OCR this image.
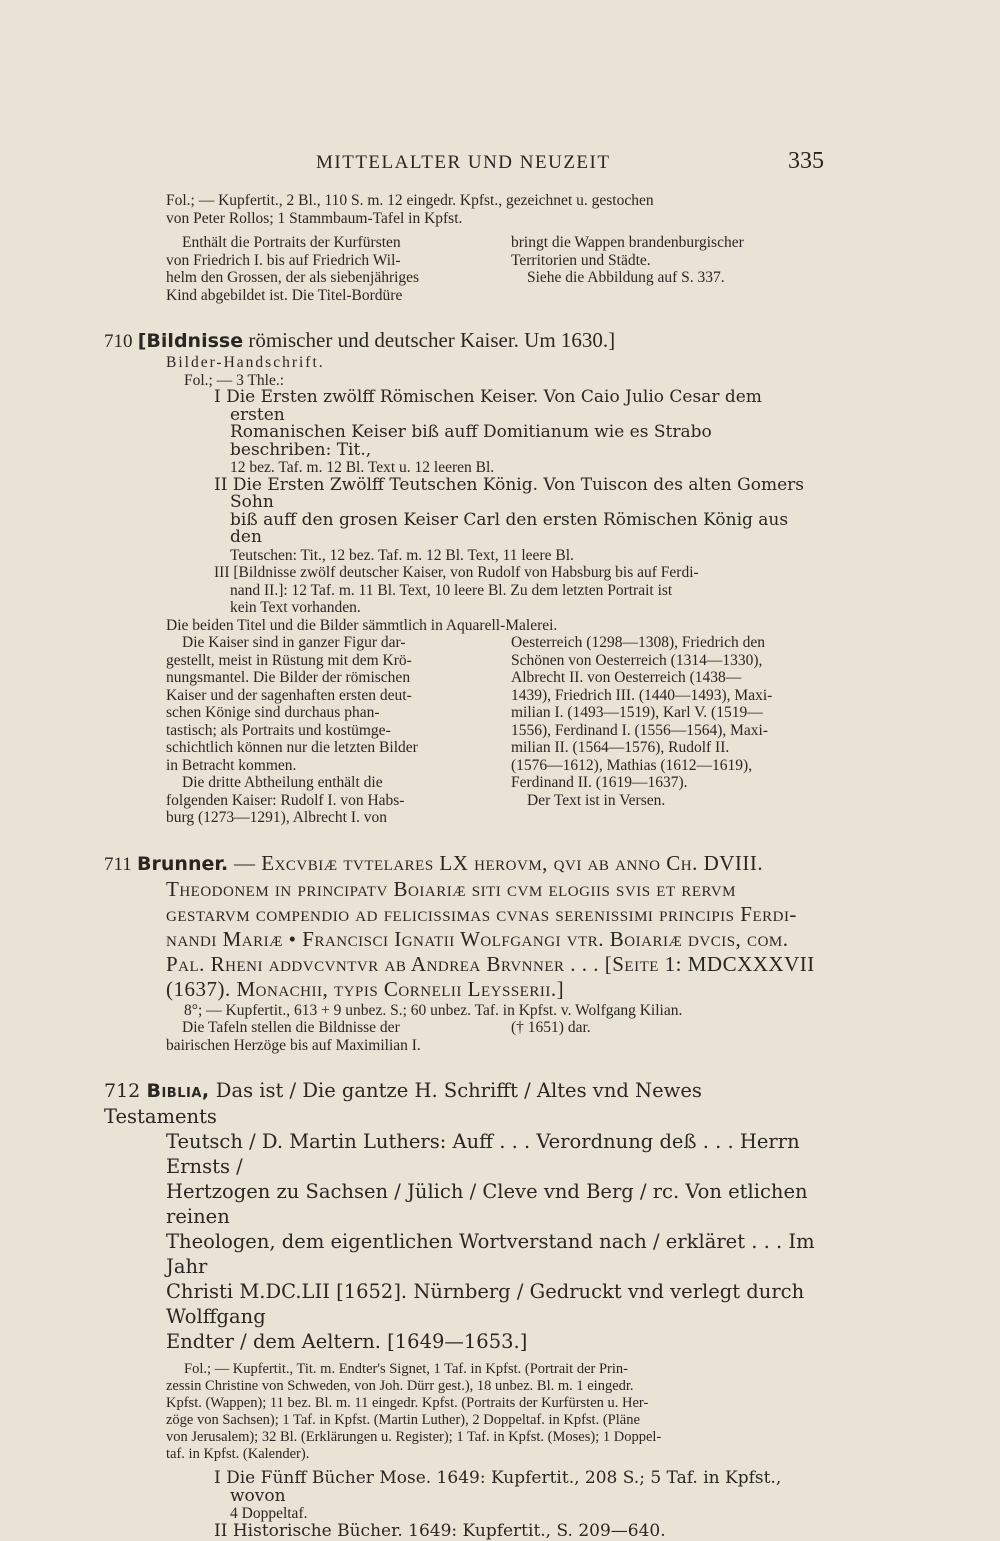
MITTELALTER UND NEUZEIT	335

Fol.; — Kupfertit., 2 Bl., 110 S. m. 12 eingedr. Kpfst., gezeichnet u. gestochen

von Peter Rollos; 1 Stammbaum-Tafel in Kpfst.

Enthält die Portraits der Kurfürsten

von Friedrich I. bis auf Friedrich Wil-

helm den Grossen, der als siebenjähriges

Kind abgebildet ist. Die Titel-Bordüre

bringt die Wappen brandenburgischer

Territorien und Städte.

Siehe die Abbildung auf S. 337.

710 [Bildnisse römischer und deutscher Kaiser. Um 1630.]

Bilder-Handschrift.

Fol.; — 3 Thle.:

I Die Ersten zwölff Römischen Keiser. Von Caio Julio Cesar dem ersten

Romanischen Keiser biß auff Domitianum wie es Strabo beschriben: Tit.,

12 bez. Taf. m. 12 Bl. Text u. 12 leeren Bl.

II Die Ersten Zwölff Teutschen König. Von Tuiscon des alten Gomers Sohn

biß auff den grosen Keiser Carl den ersten Römischen König aus den

Teutschen: Tit., 12 bez. Taf. m. 12 Bl. Text, 11 leere Bl.

III [Bildnisse zwölf deutscher Kaiser, von Rudolf von Habsburg bis auf Ferdi-

nand II.]: 12 Taf. m. 11 Bl. Text, 10 leere Bl. Zu dem letzten Portrait ist

kein Text vorhanden.

Die beiden Titel und die Bilder sämmtlich in Aquarell-Malerei.

Die Kaiser sind in ganzer Figur dar-

gestellt, meist in Rüstung mit dem Krö-

nungsmantel. Die Bilder der römischen

Kaiser und der sagenhaften ersten deut-

schen Könige sind durchaus phan-

tastisch; als Portraits und kostümge-

schichtlich können nur die letzten Bilder

in Betracht kommen.

Die dritte Abtheilung enthält die

folgenden Kaiser: Rudolf I. von Habs-

burg (1273—1291), Albrecht I. von

Oesterreich (1298—1308), Friedrich den

Schönen von Oesterreich (1314—1330),

Albrecht II. von Oesterreich (1438—

1439), Friedrich III. (1440—1493), Maxi-

milian I. (1493—1519), Karl V. (1519—

1556), Ferdinand I. (1556—1564), Maxi-

milian II. (1564—1576), Rudolf II.

(1576—1612), Mathias (1612—1619),

Ferdinand II. (1619—1637).

Der Text ist in Versen.

711 Brunner. — Excvbiæ tvtelares LX herovm, qvi ab anno Ch. DVIII.

Theodonem in principatv Boiariæ siti cvm elogiis svis et rervm

gestarvm compendio ad felicissimas cvnas serenissimi principis Ferdi-

nandi Mariæ • Francisci Ignatii Wolfgangi vtr. Boiariæ dvcis, com.

Pal. Rheni addvcvntvr ab Andrea Brvnner . . . [Seite 1: MDCXXXVII

(1637). Monachii, typis Cornelii Leysserii.]

8°; — Kupfertit., 613 + 9 unbez. S.; 60 unbez. Taf. in Kpfst. v. Wolfgang Kilian.

Die Tafeln stellen die Bildnisse der

bairischen Herzöge bis auf Maximilian I.

(† 1651) dar.

712 Biblia, Das ist / Die gantze H. Schrifft / Altes vnd Newes Testaments

Teutsch / D. Martin Luthers: Auff . . . Verordnung deß . . . Herrn Ernsts /

Hertzogen zu Sachsen / Jülich / Cleve vnd Berg / rc. Von etlichen reinen

Theologen, dem eigentlichen Wortverstand nach / erkläret . . . Im Jahr

Christi M.DC.LII [1652]. Nürnberg / Gedruckt vnd verlegt durch Wolffgang

Endter / dem Aeltern. [1649—1653.]

Fol.; — Kupfertit., Tit. m. Endter's Signet, 1 Taf. in Kpfst. (Portrait der Prin-

zessin Christine von Schweden, von Joh. Dürr gest.), 18 unbez. Bl. m. 1 eingedr.

Kpfst. (Wappen); 11 bez. Bl. m. 11 eingedr. Kpfst. (Portraits der Kurfürsten u. Her-

zöge von Sachsen); 1 Taf. in Kpfst. (Martin Luther), 2 Doppeltaf. in Kpfst. (Pläne

von Jerusalem); 32 Bl. (Erklärungen u. Register); 1 Taf. in Kpfst. (Moses); 1 Doppel-

taf. in Kpfst. (Kalender).

I Die Fünff Bücher Mose. 1649: Kupfertit., 208 S.; 5 Taf. in Kpfst., wovon

4 Doppeltaf.

II Historische Bücher. 1649: Kupfertit., S. 209—640.
